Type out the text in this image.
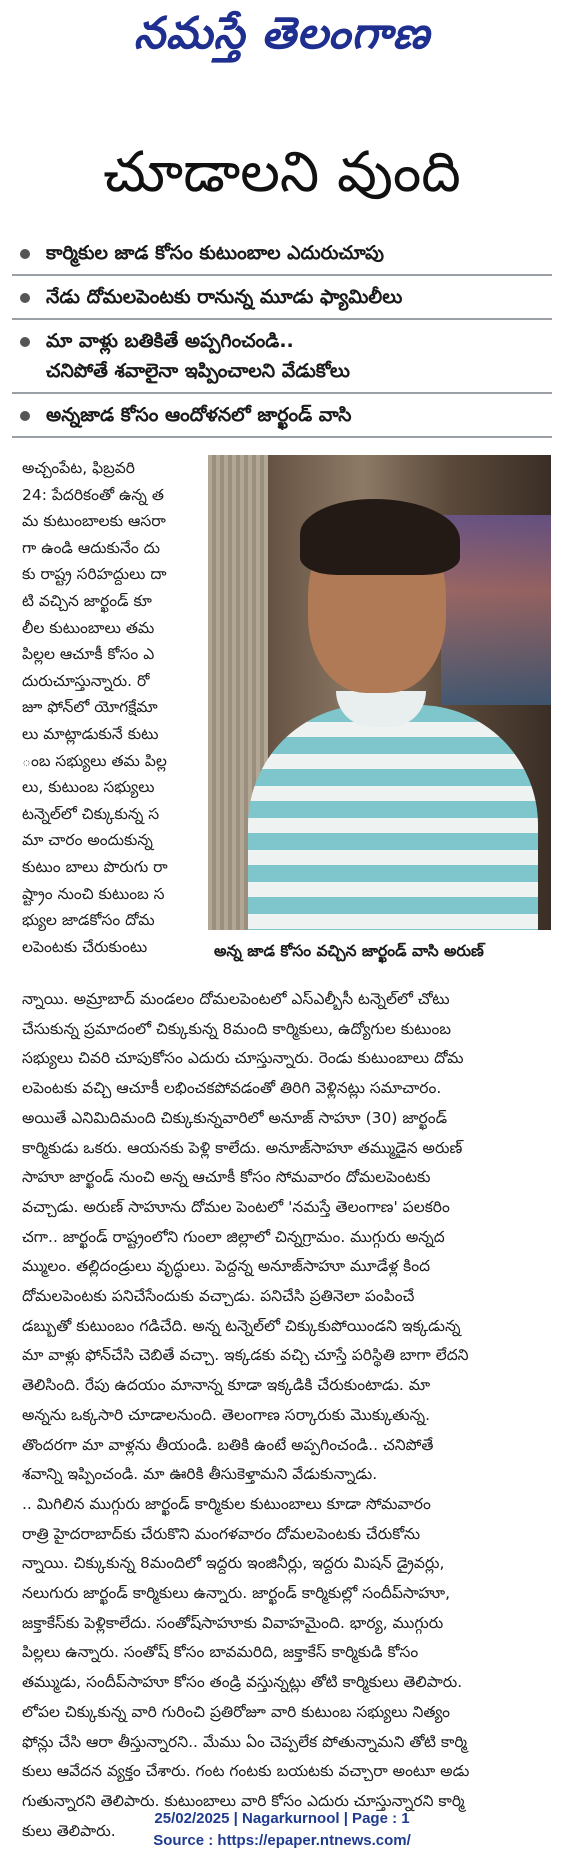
నమస్తే తెలంగాణ
చూడాలని వుంది
కార్మికుల జాడ కోసం కుటుంబాల ఎదురుచూపు
నేడు దోమలపెంటకు రానున్న మూడు ఫ్యామిలీలు
మా వాళ్లు బతికితే అప్పగించండి..
చనిపోతే శవాలైనా ఇప్పించాలని వేడుకోలు
అన్నజాడ కోసం ఆందోళనలో జార్ఖండ్ వాసి
అచ్చంపేట, ఫిబ్రవరి
24: పేదరికంతో ఉన్న త
మ కుటుంబాలకు ఆసరా
గా ఉండి ఆదుకునేం దు
కు రాష్ట్ర సరిహద్దులు దా
టి వచ్చిన జార్ఖండ్ కూ
లీల కుటుంబాలు తమ
పిల్లల ఆచూకీ కోసం ఎ
దురుచూస్తున్నారు. రో
జూ ఫోన్‌లో యోగక్షేమా
లు మాట్లాడుకునే కుటు
ంబ సభ్యులు తమ పిల్ల
లు, కుటుంబ సభ్యులు
టన్నెల్‌లో చిక్కుకున్న స
మా చారం అందుకున్న
కుటుం బాలు పొరుగు రా
ష్ట్రాం నుంచి కుటుంబ స
భ్యుల జాడకోసం దోమ
లపెంటకు చేరుకుంటు	అన్న జాడ కోసం వచ్చిన జార్ఖండ్ వాసి అరుణ్
న్నాయి. అమ్రాబాద్ మండలం దోమలపెంటలో ఎస్ఎల్బీసీ టన్నెల్‌లో చోటు
చేసుకున్న ప్రమాదంలో చిక్కుకున్న 8మంది కార్మికులు, ఉద్యోగుల కుటుంబ
సభ్యులు చివరి చూపుకోసం ఎదురు చూస్తున్నారు. రెండు కుటుంబాలు దోమ
లపెంటకు వచ్చి ఆచూకీ లభించకపోవడంతో తిరిగి వెళ్లినట్లు సమాచారం.
అయితే ఎనిమిదిమంది చిక్కుకున్నవారిలో అనూజ్ సాహూ (30) జార్ఖండ్
కార్మికుడు ఒకరు. ఆయనకు పెళ్లి కాలేదు. అనూజ్‌సాహూ తమ్ముడైన అరుణ్
సాహూ జార్ఖండ్ నుంచి అన్న ఆచూకీ కోసం సోమవారం దోమలపెంటకు
వచ్చాడు. అరుణ్ సాహూను దోమల పెంటలో 'నమస్తే తెలంగాణ' పలకరిం
చగా.. జార్ఖండ్ రాష్ట్రంలోని గుంలా జిల్లాలో చిన్నగ్రామం. ముగ్గురు అన్నద
మ్ములం. తల్లిదండ్రులు వృద్ధులు. పెద్దన్న అనూజ్‌సాహూ మూడేళ్ల కింద
దోమలపెంటకు పనిచేసేందుకు వచ్చాడు. పనిచేసి ప్రతినెలా పంపించే
డబ్బుతో కుటుంబం గడిచేది. అన్న టన్నెల్‌లో చిక్కుకుపోయిండని ఇక్కడున్న
మా వాళ్లు ఫోన్‌చేసి చెబితే వచ్చా. ఇక్కడకు వచ్చి చూస్తే పరిస్థితి బాగా లేదని
తెలిసింది. రేపు ఉదయం మానాన్న కూడా ఇక్కడికి చేరుకుంటాడు. మా
అన్నను ఒక్కసారి చూడాలనుంది. తెలంగాణ సర్కారుకు మొక్కుతున్న.
తొందరగా మా వాళ్లను తీయండి. బతికి ఉంటే అప్పగించండి.. చనిపోతే
శవాన్ని ఇప్పించండి. మా ఊరికి తీసుకెళ్తామని వేడుకున్నాడు.
.. మిగిలిన ముగ్గురు జార్ఖండ్ కార్మికుల కుటుంబాలు కూడా సోమవారం
రాత్రి హైదరాబాద్‌కు చేరుకొని మంగళవారం దోమలపెంటకు చేరుకోను
న్నాయి. చిక్కుకున్న 8మందిలో ఇద్దరు ఇంజినీర్లు, ఇద్దరు మిషన్ డ్రైవర్లు,
నలుగురు జార్ఖండ్ కార్మికులు ఉన్నారు. జార్ఖండ్ కార్మికుల్లో సందీప్‌సాహూ,
జక్తాకేస్‌కు పెళ్లికాలేదు. సంతోష్‌సాహూకు వివాహమైంది. భార్య, ముగ్గురు
పిల్లలు ఉన్నారు. సంతోష్ కోసం బావమరిది, జక్తాకేస్ కార్మికుడి కోసం
తమ్ముడు, సందీప్‌సాహూ కోసం తండ్రి వస్తున్నట్లు తోటి కార్మికులు తెలిపారు.
లోపల చిక్కుకున్న వారి గురించి ప్రతిరోజూ వారి కుటుంబ సభ్యులు నిత్యం
ఫోన్లు చేసి ఆరా తీస్తున్నారని.. మేము ఏం చెప్పలేక పోతున్నామని తోటి కార్మి
కులు ఆవేదన వ్యక్తం చేశారు. గంట గంటకు బయటకు వచ్చారా అంటూ అడు
గుతున్నారని తెలిపారు. కుటుంబాలు వారి కోసం ఎదురు చూస్తున్నారని కార్మి
కులు తెలిపారు.
25/02/2025 | Nagarkurnool | Page : 1
Source : https://epaper.ntnews.com/
